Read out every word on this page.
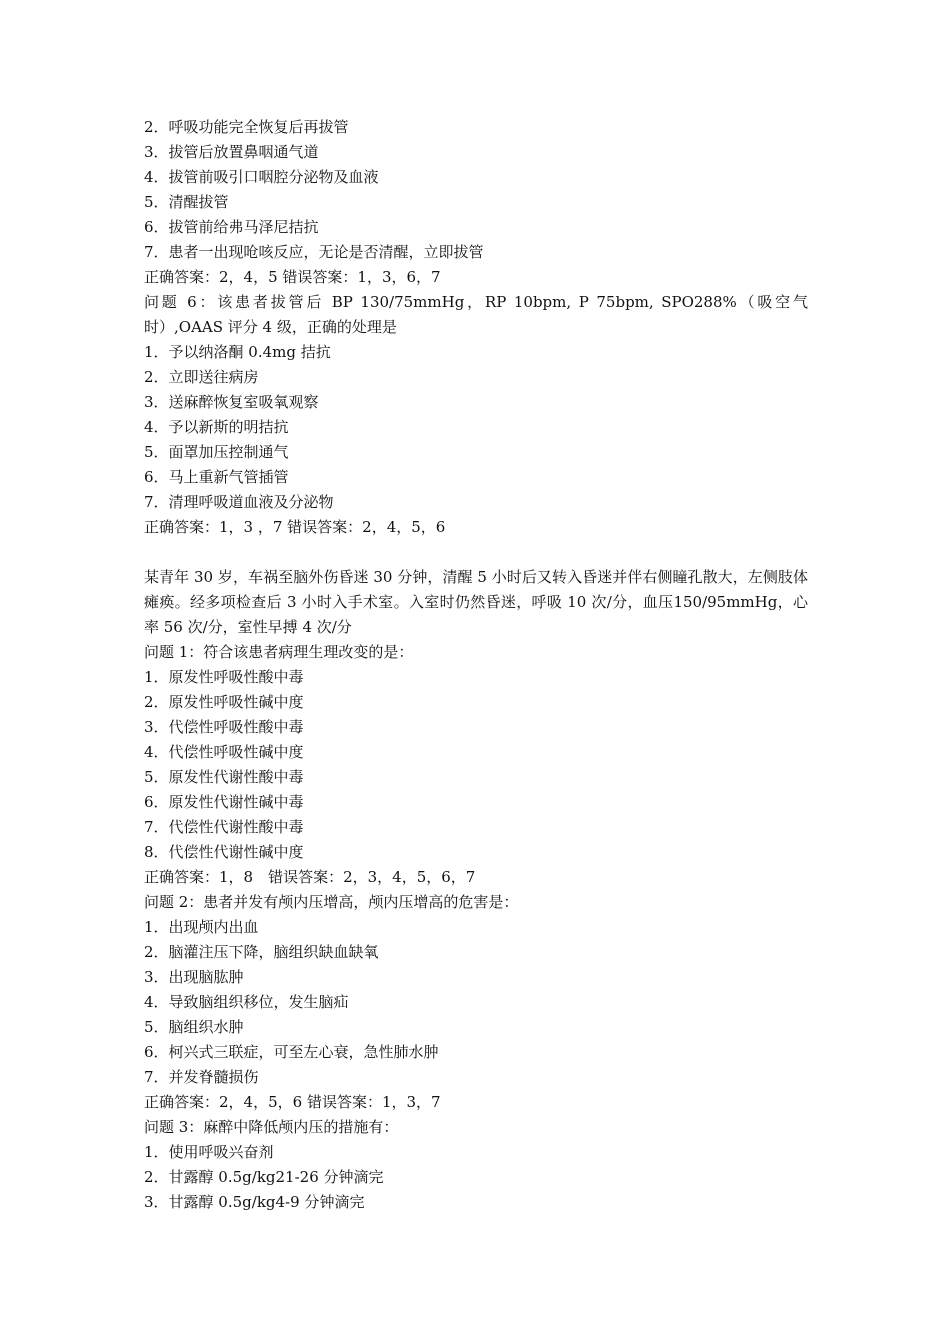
2．呼吸功能完全恢复后再拔管
3．拔管后放置鼻咽通气道
4．拔管前吸引口咽腔分泌物及血液
5．清醒拔管
6．拔管前给弗马泽尼拮抗
7．患者一出现呛咳反应，无论是否清醒，立即拔管
正确答案：2，4，5 错误答案：1，3，6，7
问题 6：该患者拔管后 BP 130/75mmHg，RP 10bpm, P 75bpm, SPO288%（吸空气时）,OAAS 评分 4 级，正确的处理是
1．予以纳洛酮 0.4mg 拮抗
2．立即送往病房
3．送麻醉恢复室吸氧观察
4．予以新斯的明拮抗
5．面罩加压控制通气
6．马上重新气管插管
7．清理呼吸道血液及分泌物
正确答案：1，3 ，7 错误答案：2，4，5，6
某青年 30 岁，车祸至脑外伤昏迷 30 分钟，清醒 5 小时后又转入昏迷并伴右侧瞳孔散大，左侧肢体瘫痪。经多项检查后 3 小时入手术室。入室时仍然昏迷，呼吸 10 次/分，血压150/95mmHg，心率 56 次/分，室性早搏 4 次/分
问题 1：符合该患者病理生理改变的是：
1．原发性呼吸性酸中毒
2．原发性呼吸性碱中度
3．代偿性呼吸性酸中毒
4．代偿性呼吸性碱中度
5．原发性代谢性酸中毒
6．原发性代谢性碱中毒
7．代偿性代谢性酸中毒
8．代偿性代谢性碱中度
正确答案：1，8　错误答案：2，3，4，5，6，7
问题 2：患者并发有颅内压增高，颅内压增高的危害是：
1．出现颅内出血
2．脑灌注压下降，脑组织缺血缺氧
3．出现脑肱肿
4．导致脑组织移位，发生脑疝
5．脑组织水肿
6．柯兴式三联症，可至左心衰，急性肺水肿
7．并发脊髓损伤
正确答案：2，4，5，6 错误答案：1，3，7
问题 3：麻醉中降低颅内压的措施有：
1．使用呼吸兴奋剂
2．甘露醇 0.5g/kg21-26 分钟滴完
3．甘露醇 0.5g/kg4-9 分钟滴完
